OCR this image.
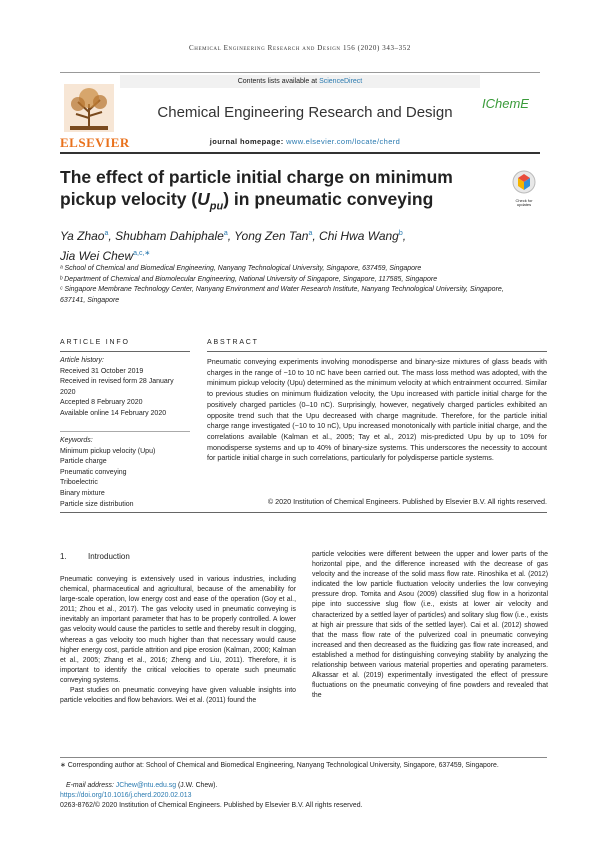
Chemical Engineering Research and Design 156 (2020) 343–352
ELSEVIER
Contents lists available at ScienceDirect
Chemical Engineering Research and Design
journal homepage: www.elsevier.com/locate/cherd
IChemE
The effect of particle initial charge on minimum pickup velocity $(U_{pu})$ in pneumatic conveying	Check for updates
Ya Zhao$^a$, Shubham Dahiphale$^a$, Yong Zen Tan$^a$, Chi Hwa Wang$^b$,
Jia Wei Chew$^{a,c,∗}$
ᵃ School of Chemical and Biomedical Engineering, Nanyang Technological University, Singapore, 637459, Singapore
ᵇ Department of Chemical and Biomolecular Engineering, National University of Singapore, Singapore, 117585, Singapore
ᶜ Singapore Membrane Technology Center, Nanyang Environment and Water Research Institute, Nanyang Technological University, Singapore, 637141, Singapore
ARTICLE INFO
Article history:
Received 31 October 2019
Received in revised form 28 January 2020
Accepted 8 February 2020
Available online 14 February 2020
Keywords:
Minimum pickup velocity (Upu)
Particle charge
Pneumatic conveying
Triboelectric
Binary mixture
Particle size distribution
ABSTRACT
Pneumatic conveying experiments involving monodisperse and binary-size mixtures of glass beads with charges in the range of −10 to 10 nC have been carried out. The mass loss method was adopted, with the minimum pickup velocity (Upu) determined as the minimum velocity at which entrainment occurred. Similar to previous studies on minimum fluidization velocity, the Upu increased with particle initial charge for the positively charged particles (0–10 nC). Surprisingly, however, negatively charged particles exhibited an opposite trend such that the Upu decreased with charge magnitude. Therefore, for the particle initial charge range investigated (−10 to 10 nC), Upu increased monotonically with particle initial charge, and the correlations available (Kalman et al., 2005; Tay et al., 2012) mis-predicted Upu by up to 10% for monodisperse systems and up to 40% of binary-size systems. This underscores the necessity to account for particle initial charge in such correlations, particularly for polydisperse particle systems.
© 2020 Institution of Chemical Engineers. Published by Elsevier B.V. All rights reserved.
1.	Introduction
Pneumatic conveying is extensively used in various industries, including chemical, pharmaceutical and agricultural, because of the amenability for large-scale operation, low energy cost and ease of the operation (Goy et al., 2011; Zhou et al., 2017). The gas velocity used in pneumatic conveying is inevitably an important parameter that has to be properly controlled. A lower gas velocity would cause the particles to settle and thereby result in clogging, whereas a gas velocity too much higher than that necessary would cause higher energy cost, particle attrition and pipe erosion (Kalman, 2000; Kalman et al., 2005; Zhang et al., 2016; Zheng and Liu, 2011). Therefore, it is important to identify the critical velocities to operate such pneumatic conveying systems.
Past studies on pneumatic conveying have given valuable insights into particle velocities and flow behaviors. Wei et al. (2011) found the
particle velocities were different between the upper and lower parts of the horizontal pipe, and the difference increased with the decrease of gas velocity and the increase of the solid mass flow rate. Rinoshika et al. (2012) indicated the low particle fluctuation velocity underlies the low conveying pressure drop. Tomita and Asou (2009) classified slug flow in a horizontal pipe into successive slug flow (i.e., exists at lower air velocity and characterized by a settled layer of particles) and solitary slug flow (i.e., exists at high air pressure that sids of the settled layer). Cai et al. (2012) showed that the mass flow rate of the pulverized coal in pneumatic conveying increased and then decreased as the fluidizing gas flow rate increased, and established a method for distinguishing conveying stability by analyzing the relationship between various material properties and operating parameters. Alkassar et al. (2019) experimentally investigated the effect of pressure fluctuations on the pneumatic conveying of fine powders and revealed that the
∗ Corresponding author at: School of Chemical and Biomedical Engineering, Nanyang Technological University, Singapore, 637459, Singapore.
E-mail address: JChew@ntu.edu.sg (J.W. Chew).
https://doi.org/10.1016/j.cherd.2020.02.013
0263-8762/© 2020 Institution of Chemical Engineers. Published by Elsevier B.V. All rights reserved.
